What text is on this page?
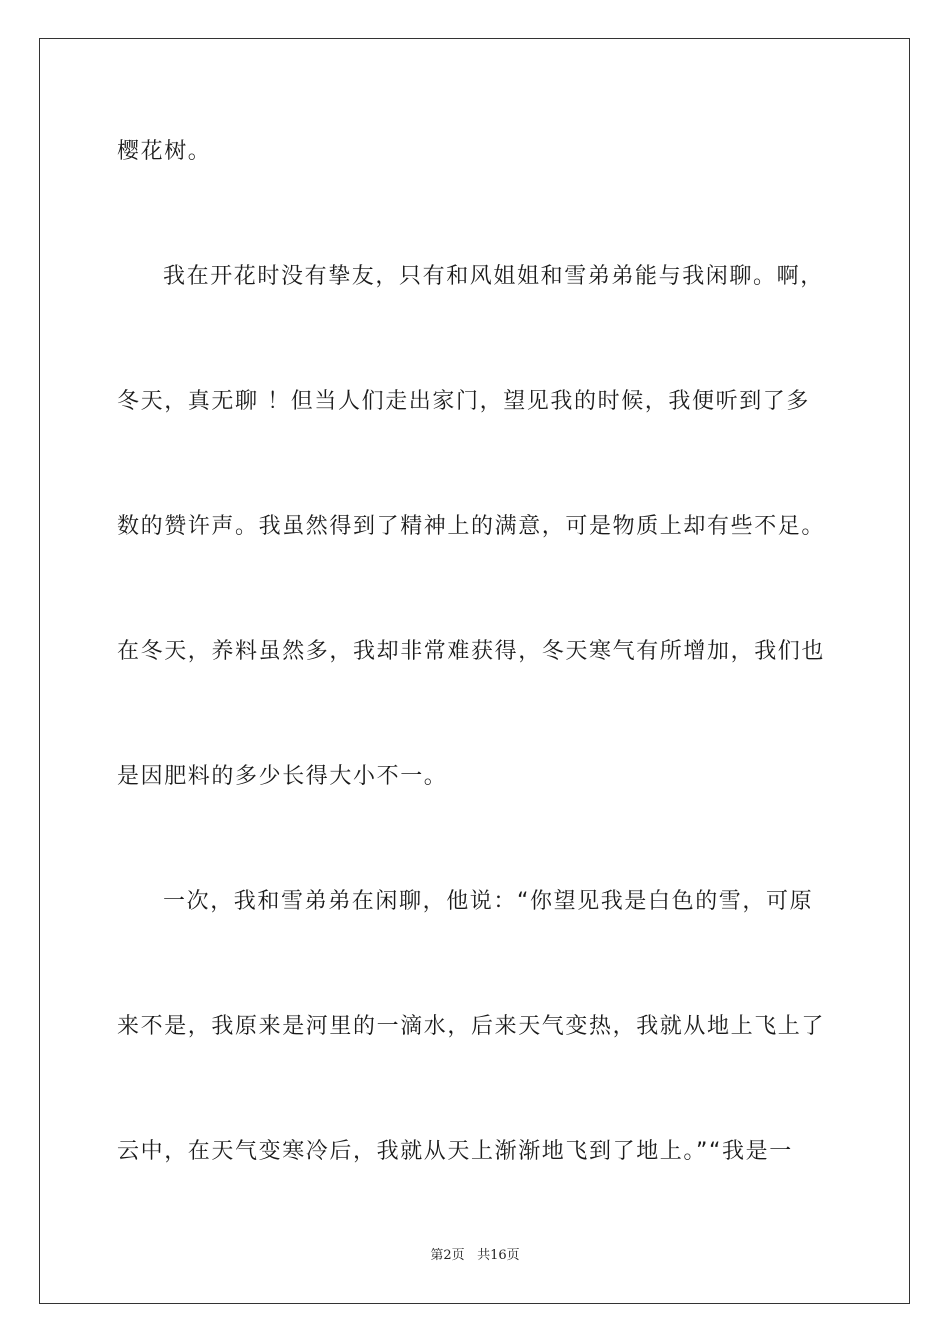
樱花树。
我在开花时没有挚友，只有和风姐姐和雪弟弟能与我闲聊。啊，
冬天，真无聊 ！但当人们走出家门，望见我的时候，我便听到了多
数的赞许声。我虽然得到了精神上的满意，可是物质上却有些不足。
在冬天，养料虽然多，我却非常难获得，冬天寒气有所增加，我们也
是因肥料的多少长得大小不一。
一次，我和雪弟弟在闲聊，他说：“你望见我是白色的雪，可原
来不是，我原来是河里的一滴水，后来天气变热，我就从地上飞上了
云中，在天气变寒冷后，我就从天上渐渐地飞到了地上。”“我是一
第2页 共16页
